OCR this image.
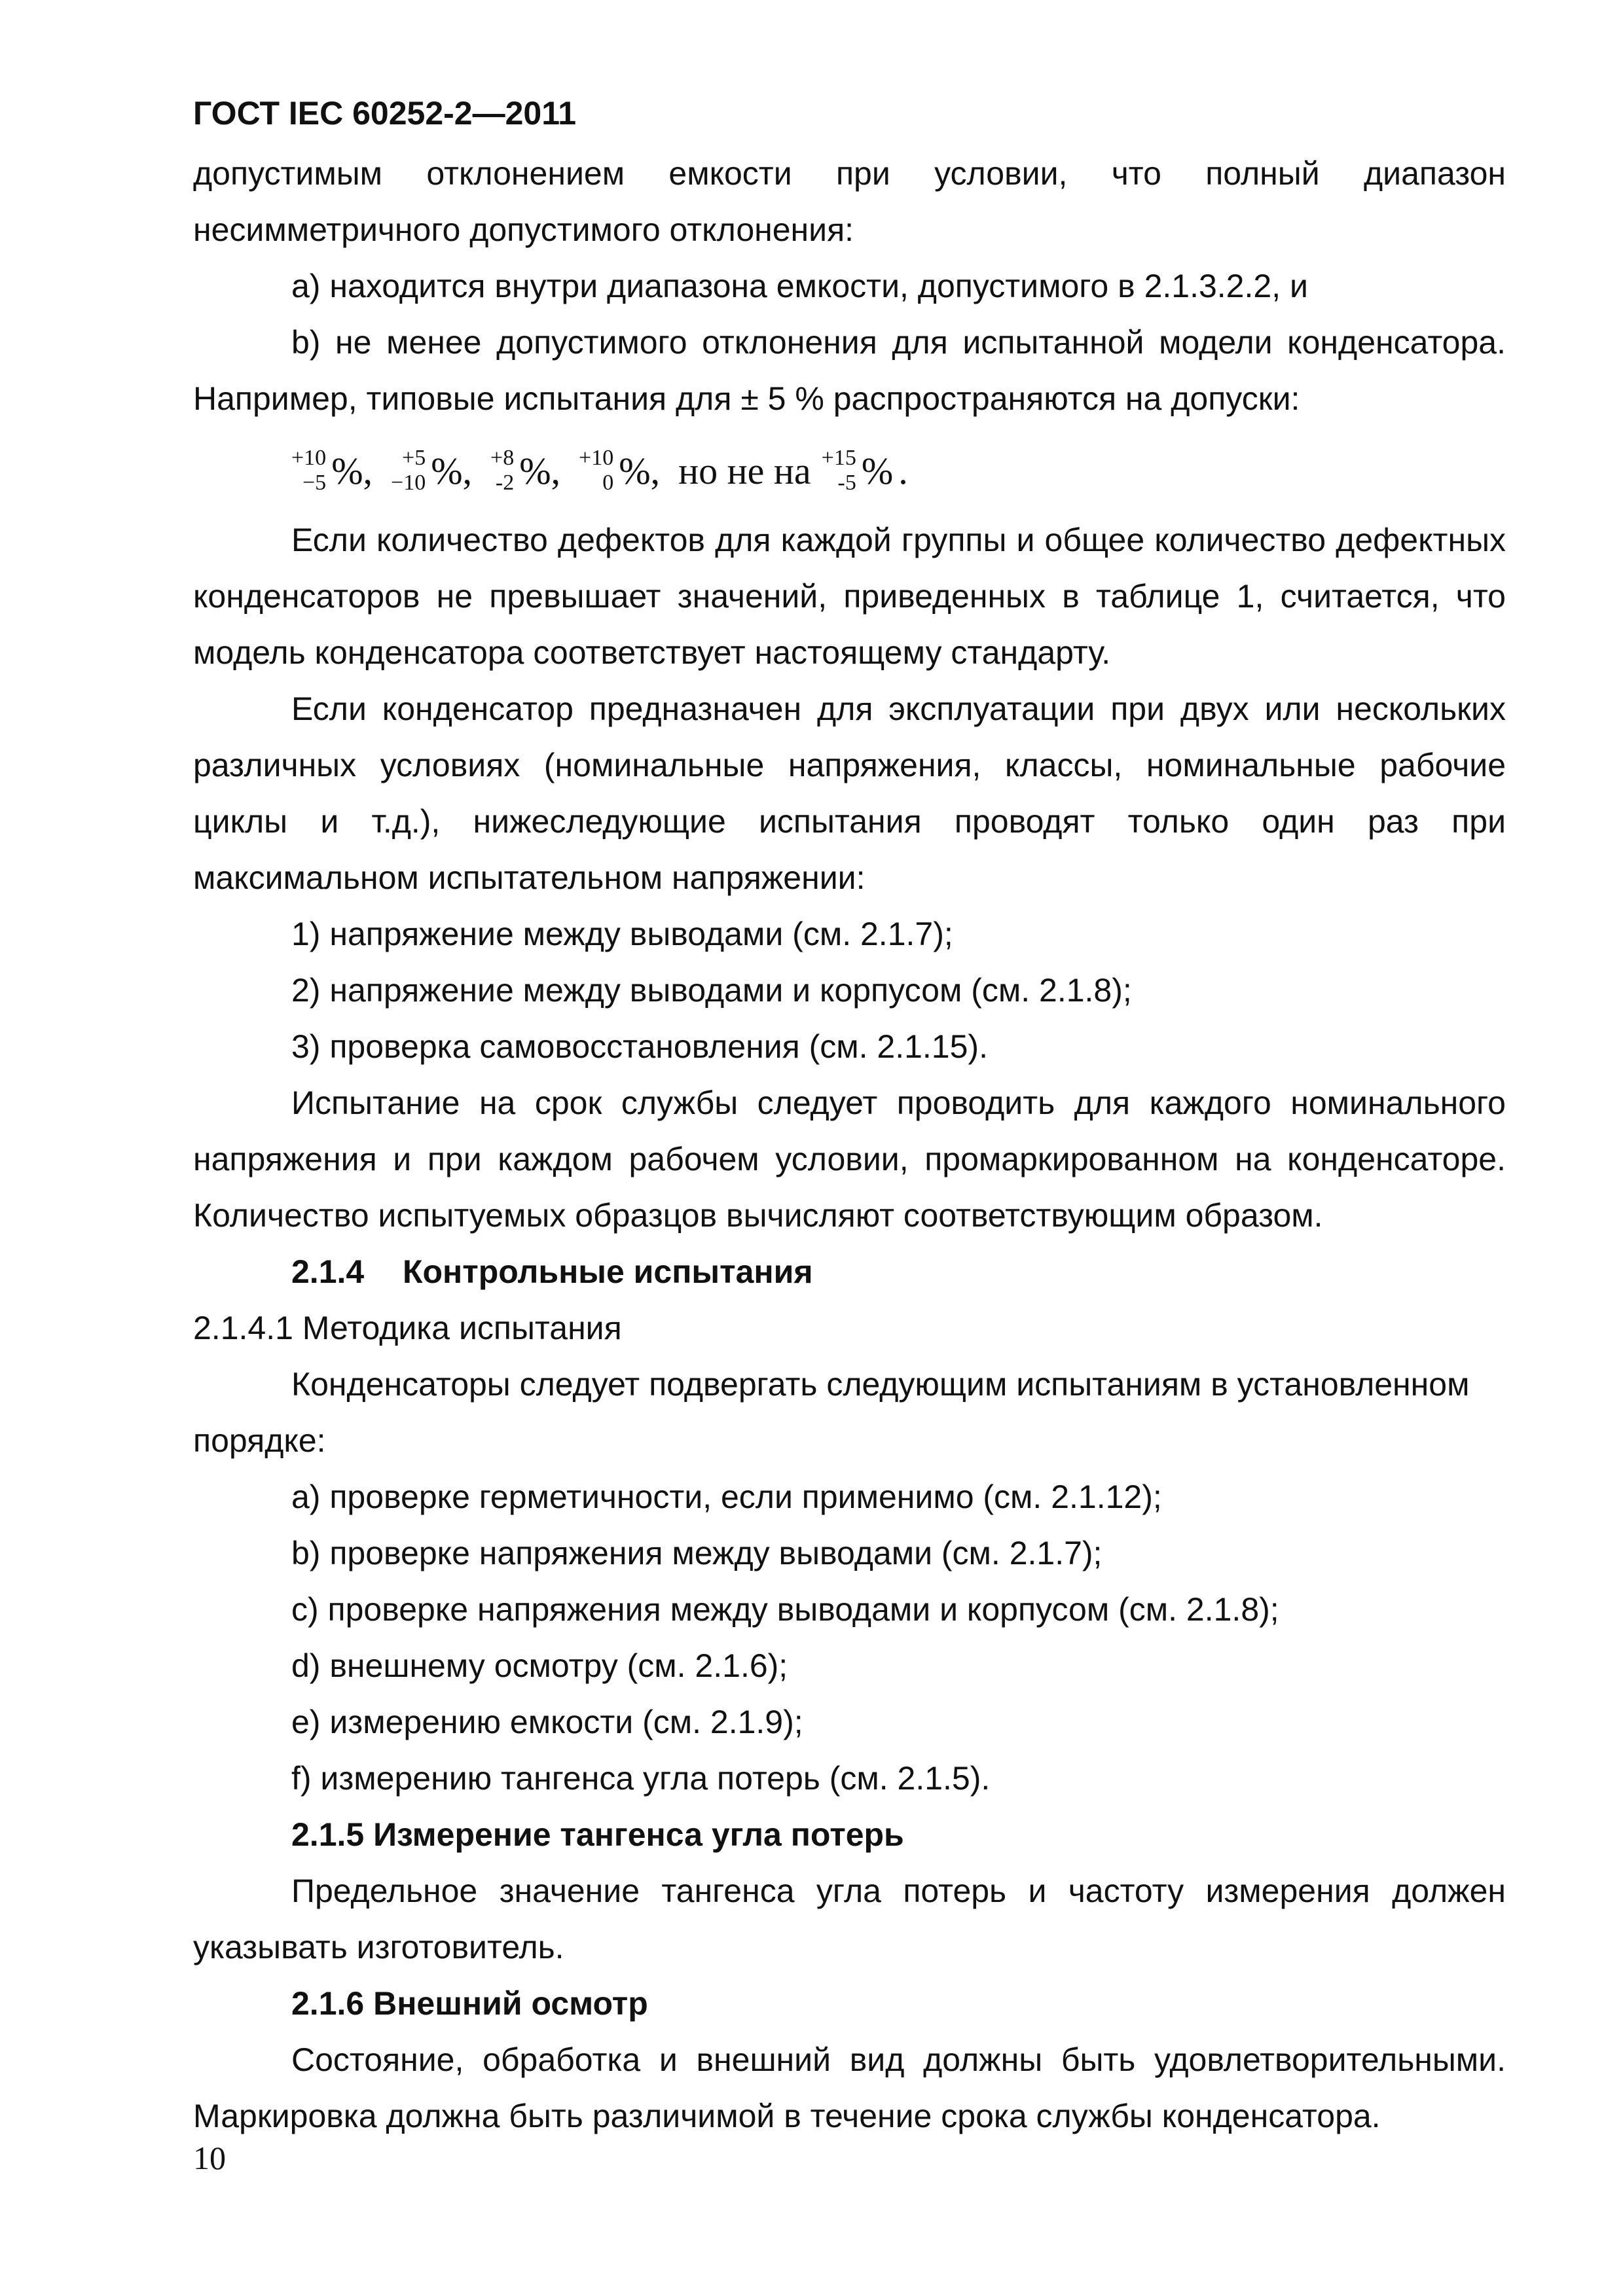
ГОСТ IEC 60252-2—2011
допустимым отклонением емкости при условии, что полный диапазон
несимметричного допустимого отклонения:
a) находится внутри диапазона емкости, допустимого в 2.1.3.2.2, и
b) не менее допустимого отклонения для испытанной модели конденсатора.
Например, типовые испытания для ± 5 % распространяются на допуски:
+10
−5 %, +5
−10 %, +8
-2 %, +10
0 %, но не на +15
-5 % .
Если количество дефектов для каждой группы и общее количество дефектных
конденсаторов не превышает значений, приведенных в таблице 1, считается, что
модель конденсатора соответствует настоящему стандарту.
Если конденсатор предназначен для эксплуатации при двух или нескольких
различных условиях (номинальные напряжения, классы, номинальные рабочие
циклы и т.д.), нижеследующие испытания проводят только один раз при
максимальном испытательном напряжении:
1) напряжение между выводами (см. 2.1.7);
2) напряжение между выводами и корпусом (см. 2.1.8);
3) проверка самовосстановления (см. 2.1.15).
Испытание на срок службы следует проводить для каждого номинального
напряжения и при каждом рабочем условии, промаркированном на конденсаторе.
Количество испытуемых образцов вычисляют соответствующим образом.
2.1.4 Контрольные испытания
2.1.4.1 Методика испытания
Конденсаторы следует подвергать следующим испытаниям в установленном
порядке:
a) проверке герметичности, если применимо (см. 2.1.12);
b) проверке напряжения между выводами (см. 2.1.7);
c) проверке напряжения между выводами и корпусом (см. 2.1.8);
d) внешнему осмотру (см. 2.1.6);
e) измерению емкости (см. 2.1.9);
f) измерению тангенса угла потерь (см. 2.1.5).
2.1.5 Измерение тангенса угла потерь
Предельное значение тангенса угла потерь и частоту измерения должен
указывать изготовитель.
2.1.6 Внешний осмотр
Состояние, обработка и внешний вид должны быть удовлетворительными.
Маркировка должна быть различимой в течение срока службы конденсатора.
10
